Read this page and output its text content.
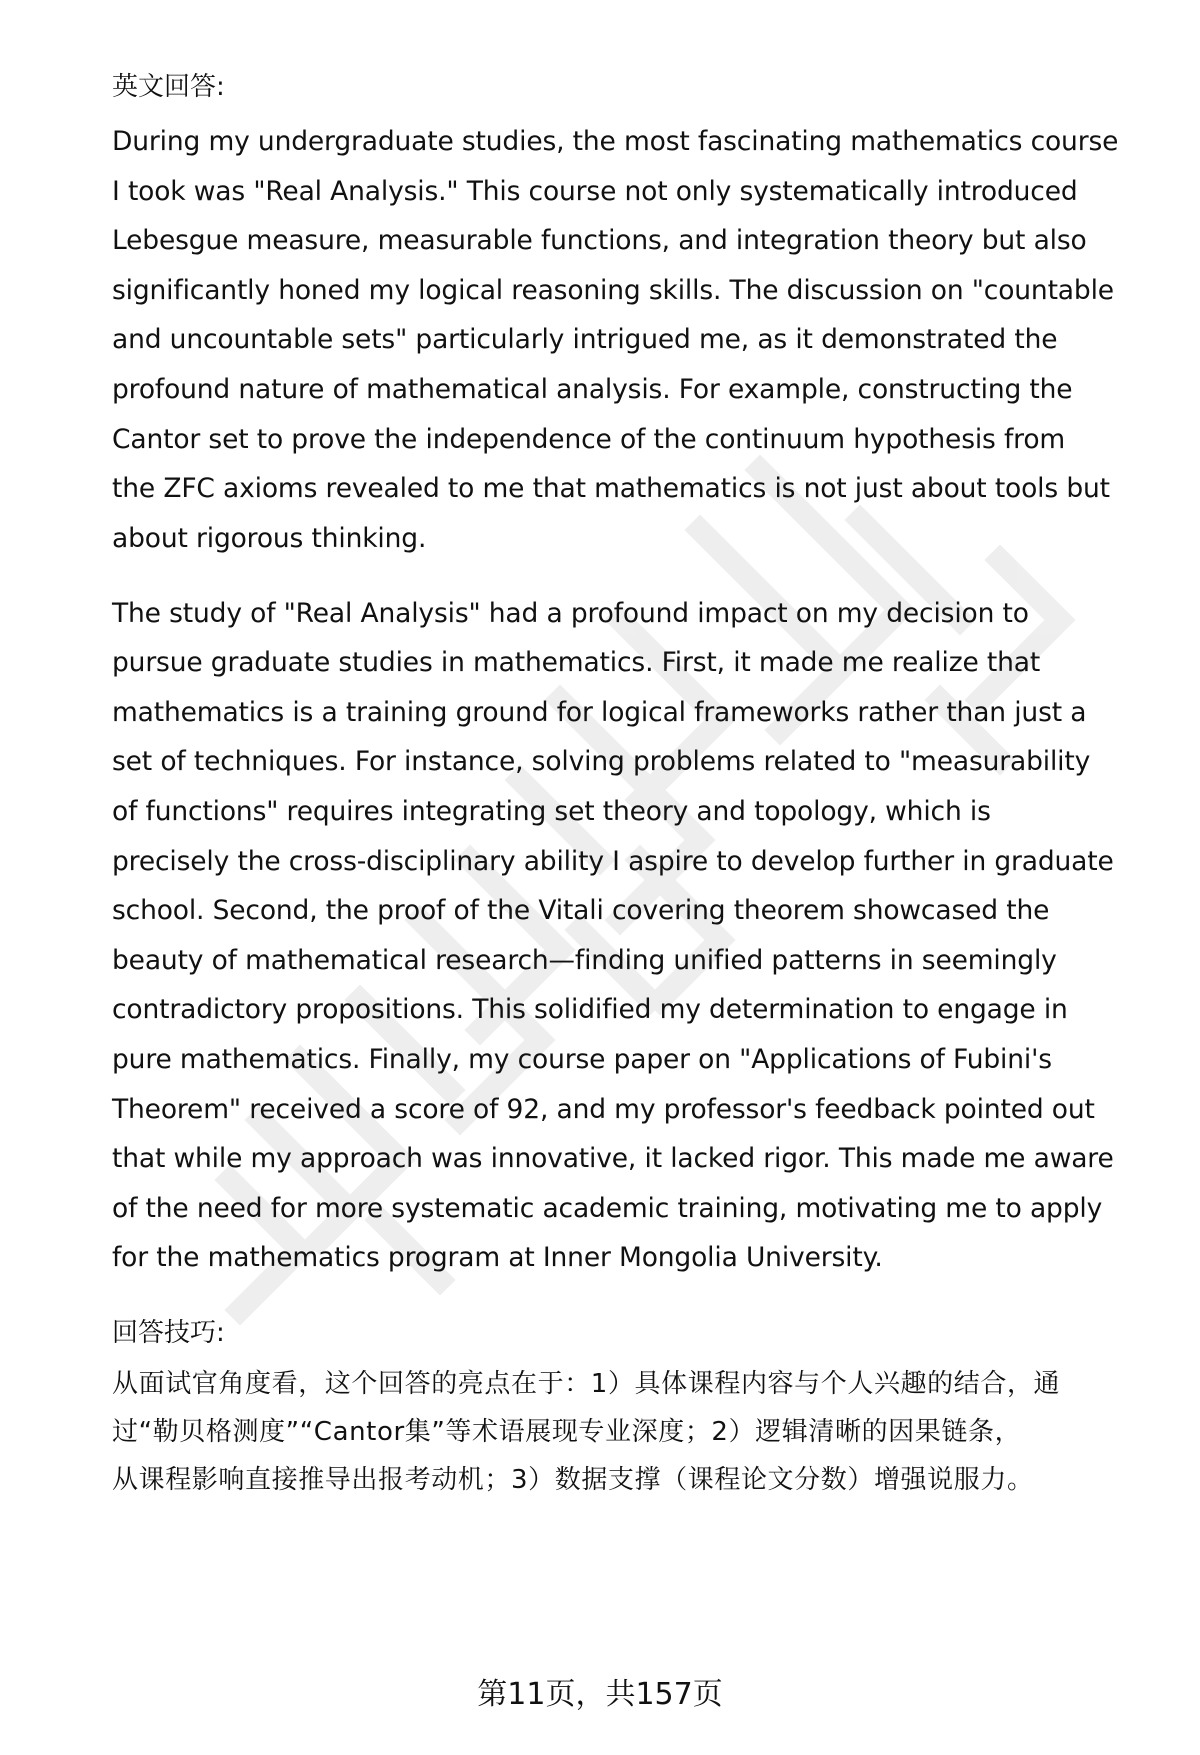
英文回答:
During my undergraduate studies, the most fascinating mathematics course
I took was "Real Analysis." This course not only systematically introduced
Lebesgue measure, measurable functions, and integration theory but also
significantly honed my logical reasoning skills. The discussion on "countable
and uncountable sets" particularly intrigued me, as it demonstrated the
profound nature of mathematical analysis. For example, constructing the
Cantor set to prove the independence of the continuum hypothesis from
the ZFC axioms revealed to me that mathematics is not just about tools but
about rigorous thinking.
The study of "Real Analysis" had a profound impact on my decision to
pursue graduate studies in mathematics. First, it made me realize that
mathematics is a training ground for logical frameworks rather than just a
set of techniques. For instance, solving problems related to "measurability
of functions" requires integrating set theory and topology, which is
precisely the cross-disciplinary ability I aspire to develop further in graduate
school. Second, the proof of the Vitali covering theorem showcased the
beauty of mathematical research—finding unified patterns in seemingly
contradictory propositions. This solidified my determination to engage in
pure mathematics. Finally, my course paper on "Applications of Fubini's
Theorem" received a score of 92, and my professor's feedback pointed out
that while my approach was innovative, it lacked rigor. This made me aware
of the need for more systematic academic training, motivating me to apply
for the mathematics program at Inner Mongolia University.
回答技巧:
从面试官角度看，这个回答的亮点在于：1）具体课程内容与个人兴趣的结合，通
过“勒贝格测度”“Cantor集”等术语展现专业深度；2）逻辑清晰的因果链条，
从课程影响直接推导出报考动机；3）数据支撑（课程论文分数）增强说服力。
第11页，共157页
